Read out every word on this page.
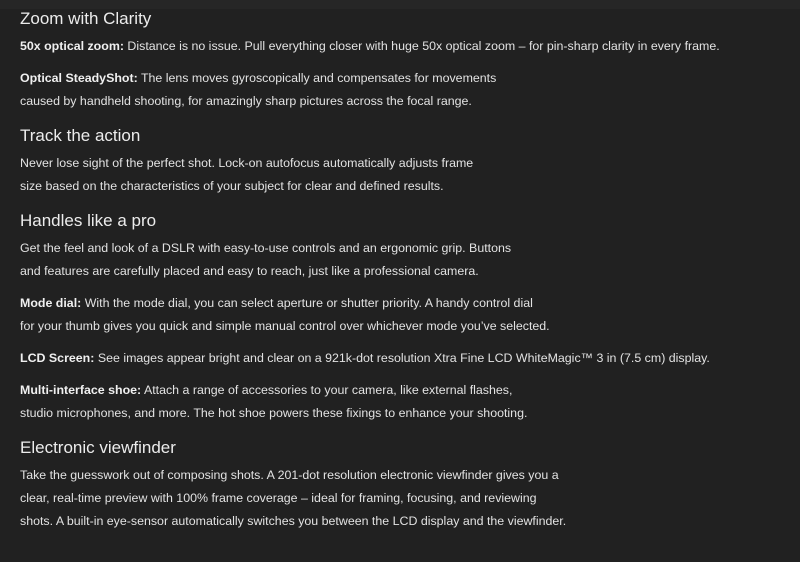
Zoom with Clarity

50x optical zoom: Distance is no issue. Pull everything closer with huge 50x optical zoom – for pin-sharp clarity in every frame.

Optical SteadyShot: The lens moves gyroscopically and compensates for movements
caused by handheld shooting, for amazingly sharp pictures across the focal range.

Track the action

Never lose sight of the perfect shot. Lock-on autofocus automatically adjusts frame
size based on the characteristics of your subject for clear and defined results.

Handles like a pro

Get the feel and look of a DSLR with easy-to-use controls and an ergonomic grip. Buttons
and features are carefully placed and easy to reach, just like a professional camera.

Mode dial: With the mode dial, you can select aperture or shutter priority. A handy control dial
for your thumb gives you quick and simple manual control over whichever mode you’ve selected.

LCD Screen: See images appear bright and clear on a 921k-dot resolution Xtra Fine LCD WhiteMagic™ 3 in (7.5 cm) display.

Multi-interface shoe: Attach a range of accessories to your camera, like external flashes,
studio microphones, and more. The hot shoe powers these fixings to enhance your shooting.

Electronic viewfinder

Take the guesswork out of composing shots. A 201-dot resolution electronic viewfinder gives you a
clear, real-time preview with 100% frame coverage – ideal for framing, focusing, and reviewing
shots. A built-in eye-sensor automatically switches you between the LCD display and the viewfinder.
